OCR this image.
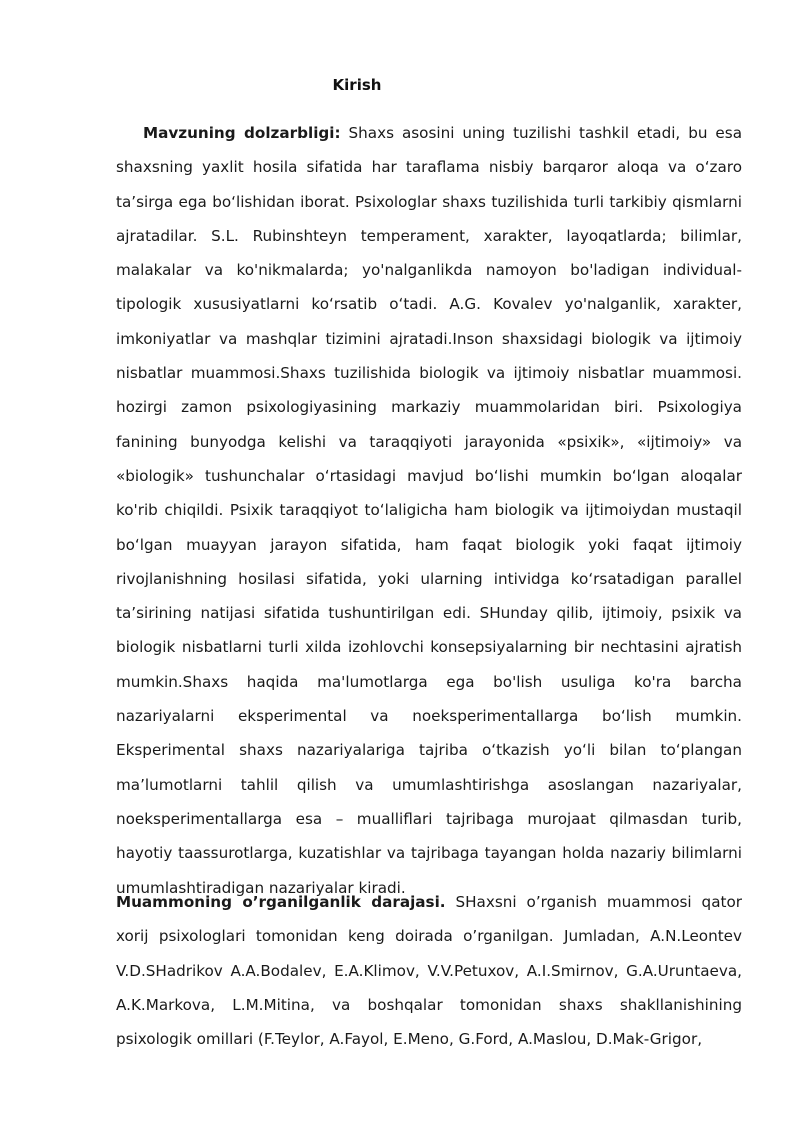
Kirish

Mavzuning dolzarbligi: Shaxs asosini uning tuzilishi tashkil etadi, bu esa shaxsning yaxlit hosila sifatida har taraflama nisbiy barqaror aloqa va o‘zaro ta’sirga ega bo‘lishidan iborat. Psixologlar shaxs tuzilishida turli tarkibiy qismlarni ajratadilar. S.L. Rubinshteyn temperament, xarakter, layoqatlarda; bilimlar, malakalar va ko'nikmalarda; yo'nalganlikda namoyon bo'ladigan individual-tipologik xususiyatlarni koʻrsatib oʻtadi. A.G. Kovalev yo'nalganlik, xarakter, imkoniyatlar va mashqlar tizimini ajratadi.Inson shaxsidagi biologik va ijtimoiy nisbatlar muammosi.Shaxs tuzilishida biologik va ijtimoiy nisbatlar muammosi. hozirgi zamon psixologiyasining markaziy muammolaridan biri. Psixologiya fanining bunyodga kelishi va taraqqiyoti jarayonida «psixik», «ijtimoiy» va «biologik» tushunchalar oʻrtasidagi mavjud boʻlishi mumkin boʻlgan aloqalar ko'rib chiqildi. Psixik taraqqiyot toʻlaligicha ham biologik va ijtimoiydan mustaqil boʻlgan muayyan jarayon sifatida, ham faqat biologik yoki faqat ijtimoiy rivojlanishning hosilasi sifatida, yoki ularning intividga koʻrsatadigan parallel taʼsirining natijasi sifatida tushuntirilgan edi. SHunday qilib, ijtimoiy, psixik va biologik nisbatlarni turli xilda izohlovchi konsepsiyalarning bir nechtasini ajratish mumkin.Shaxs haqida ma'lumotlarga ega bo'lish usuliga ko'ra barcha nazariyalarni eksperimental va noeksperimentallarga boʻlish mumkin. Eksperimental shaxs nazariyalariga tajriba oʻtkazish yoʻli bilan toʻplangan maʼlumotlarni tahlil qilish va umumlashtirishga asoslangan nazariyalar, noeksperimentallarga esa – mualliflari tajribaga murojaat qilmasdan turib, hayotiy taassurotlarga, kuzatishlar va tajribaga tayangan holda nazariy bilimlarni umumlashtiradigan nazariyalar kiradi.

Muammoning o’rganilganlik darajasi. SHaxsni o’rganish muammosi qator xorij psixologlari tomonidan keng doirada o’rganilgan. Jumladan, A.N.Leontev V.D.SHadrikov A.A.Bodalev, E.A.Klimov, V.V.Petuxov, A.I.Smirnov, G.A.Uruntaeva, A.K.Markova, L.M.Mitina, va boshqalar tomonidan shaxs shakllanishining psixologik omillari (F.Teylor, A.Fayol, E.Meno, G.Ford, A.Maslou, D.Mak-Grigor,
